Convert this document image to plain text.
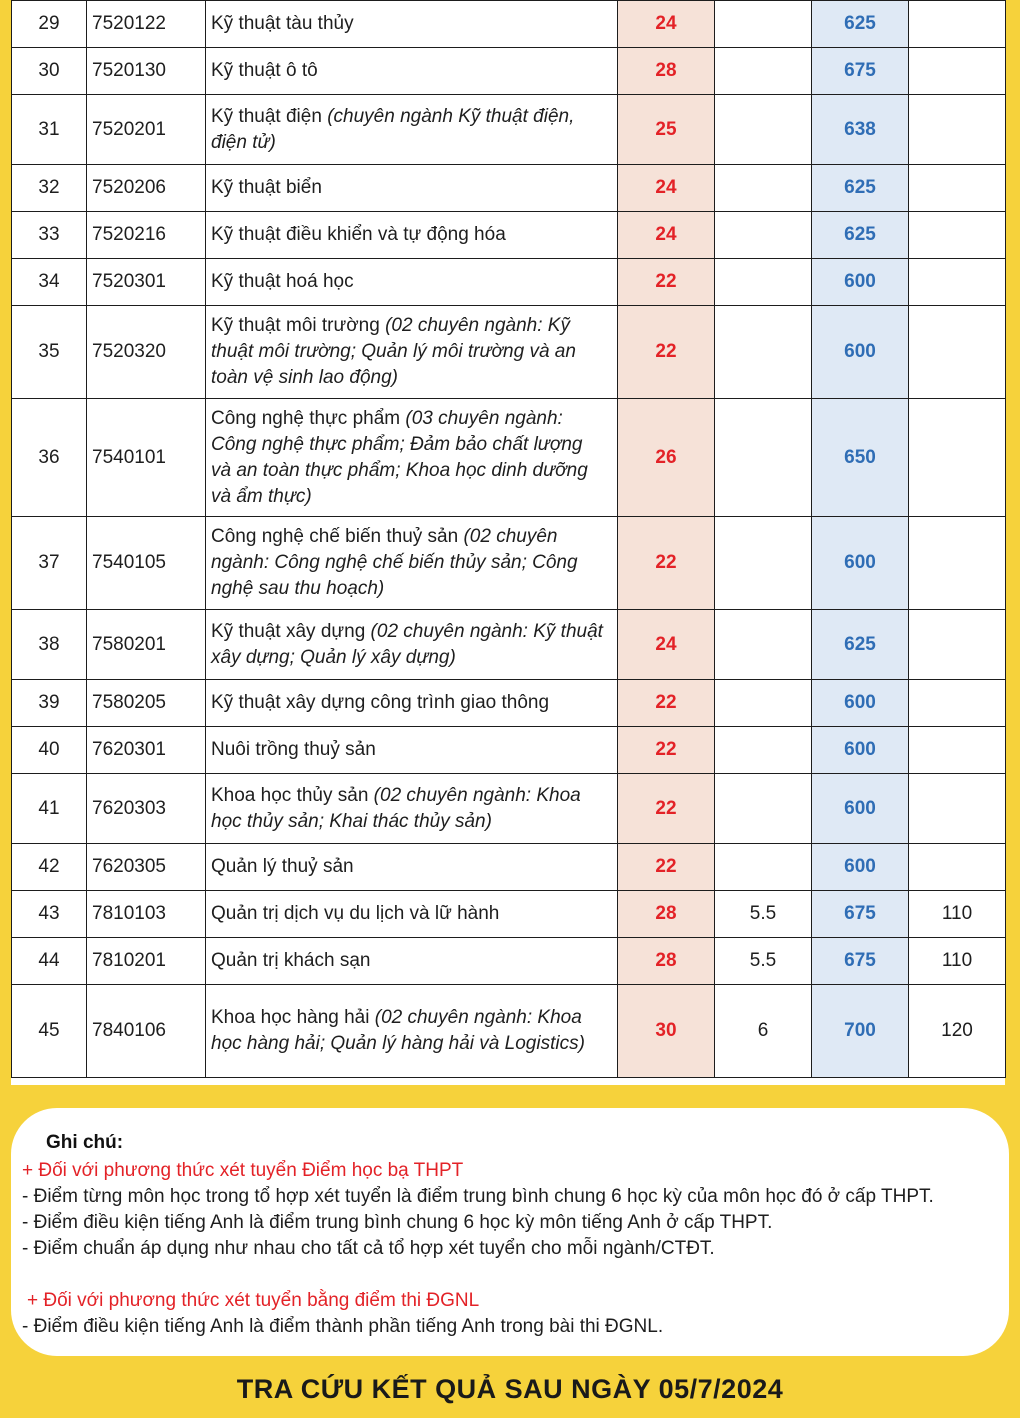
29	7520122	Kỹ thuật tàu thủy	24		625	
30	7520130	Kỹ thuật ô tô	28		675	
31	7520201	Kỹ thuật điện (chuyên ngành Kỹ thuật điện, điện tử)	25		638	
32	7520206	Kỹ thuật biển	24		625	
33	7520216	Kỹ thuật điều khiển và tự động hóa	24		625	
34	7520301	Kỹ thuật hoá học	22		600	
35	7520320	Kỹ thuật môi trường (02 chuyên ngành: Kỹ thuật môi trường; Quản lý môi trường và an toàn vệ sinh lao động)	22		600	
36	7540101	Công nghệ thực phẩm (03 chuyên ngành: Công nghệ thực phẩm; Đảm bảo chất lượng và an toàn thực phẩm; Khoa học dinh dưỡng và ẩm thực)	26		650	
37	7540105	Công nghệ chế biến thuỷ sản (02 chuyên ngành: Công nghệ chế biến thủy sản; Công nghệ sau thu hoạch)	22		600	
38	7580201	Kỹ thuật xây dựng (02 chuyên ngành: Kỹ thuật xây dựng; Quản lý xây dựng)	24		625	
39	7580205	Kỹ thuật xây dựng công trình giao thông	22		600	
40	7620301	Nuôi trồng thuỷ sản	22		600	
41	7620303	Khoa học thủy sản (02 chuyên ngành: Khoa học thủy sản; Khai thác thủy sản)	22		600	
42	7620305	Quản lý thuỷ sản	22		600	
43	7810103	Quản trị dịch vụ du lịch và lữ hành	28	5.5	675	110
44	7810201	Quản trị khách sạn	28	5.5	675	110
45	7840106	Khoa học hàng hải (02 chuyên ngành: Khoa học hàng hải; Quản lý hàng hải và Logistics)	30	6	700	120
Ghi chú:
+ Đối với phương thức xét tuyển Điểm học bạ THPT
- Điểm từng môn học trong tổ hợp xét tuyển là điểm trung bình chung 6 học kỳ của môn học đó ở cấp THPT.
- Điểm điều kiện tiếng Anh là điểm trung bình chung 6 học kỳ môn tiếng Anh ở cấp THPT.
- Điểm chuẩn áp dụng như nhau cho tất cả tổ hợp xét tuyển cho mỗi ngành/CTĐT.
+ Đối với phương thức xét tuyển bằng điểm thi ĐGNL
- Điểm điều kiện tiếng Anh là điểm thành phần tiếng Anh trong bài thi ĐGNL.
TRA CỨU KẾT QUẢ SAU NGÀY 05/7/2024
